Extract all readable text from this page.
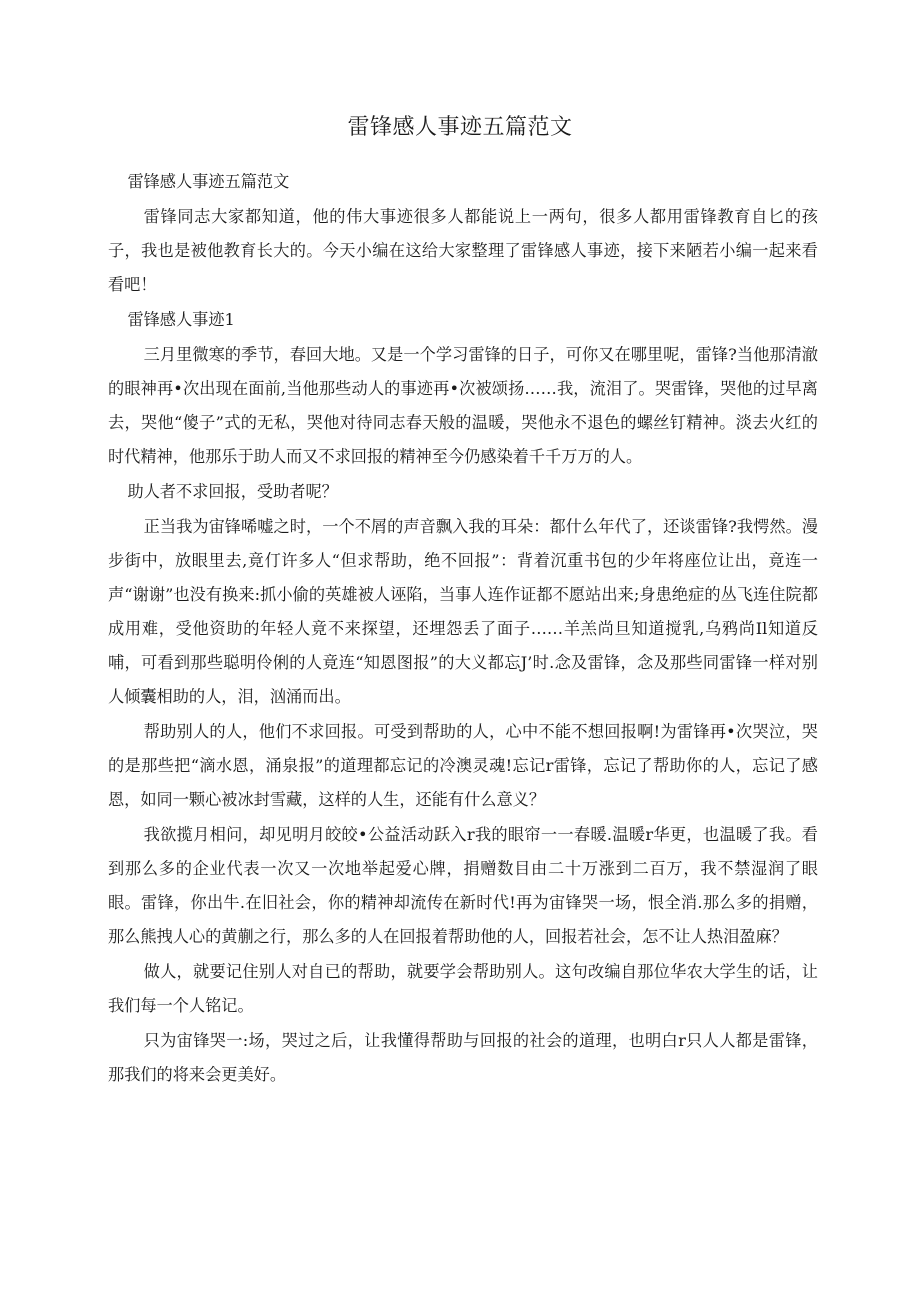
雷锋感人事迹五篇范文

雷锋感人事迹五篇范文

雷锋同志大家都知道，他的伟大事迹很多人都能说上一两句，很多人都用雷锋教育自匕的孩子，我也是被他教育长大的。今天小编在这给大家整理了雷锋感人事迹，接下来陋若小编一起来看看吧！

雷锋感人事迹1

三月里微寒的季节，春回大地。又是一个学习雷锋的日子，可你又在哪里呢，雷锋?当他那清澈的眼神再•次出现在面前,当他那些动人的事迹再•次被颂扬……我，流泪了。哭雷锋，哭他的过早离去，哭他“傻子”式的无私，哭他对待同志春天般的温暖，哭他永不退色的螺丝钉精神。淡去火红的时代精神，他那乐于助人而又不求回报的精神至今仍感染着千千万万的人。

助人者不求回报，受助者呢？

正当我为宙锋唏嘘之时，一个不屑的声音飘入我的耳朵：都什么年代了，还谈雷锋?我愕然。漫步街中，放眼里去,竟仃许多人“但求帮助，绝不回报”：背着沉重书包的少年将座位让出，竟连一声“谢谢”也没有换来:抓小偷的英雄被人诬陷，当事人连作证都不愿站出来;身患绝症的丛飞连住院都成用难，受他资助的年轻人竟不来探望，还埋怨丢了面子……羊羔尚旦知道搅乳,乌鸦尚Il知道反哺，可看到那些聪明伶俐的人竟连“知恩图报”的大义都忘J’时.念及雷锋，念及那些同雷锋一样对别人倾囊相助的人，泪，汹涌而出。

帮助别人的人，他们不求回报。可受到帮助的人，心中不能不想回报啊!为雷锋再•次哭泣，哭的是那些把“滴水恩，涌泉报”的道理都忘记的冷澳灵魂!忘记r雷锋，忘记了帮助你的人，忘记了感恩，如同一颗心被冰封雪藏，这样的人生，还能有什么意义？

我欲揽月相问，却见明月皎皎•公益活动跃入r我的眼帘一一春暖.温暖r华更，也温暖了我。看到那么多的企业代表一次又一次地举起爱心牌，捐赠数目由二十万涨到二百万，我不禁湿润了眼眼。雷锋，你出牛.在旧社会，你的精神却流传在新时代!再为宙锋哭一场，恨全消.那么多的捐赠，那么熊拽人心的黄蒯之行，那么多的人在回报着帮助他的人，回报若社会，怎不让人热泪盈麻？

做人，就要记住别人对自已的帮助，就要学会帮助别人。这句改编自那位华农大学生的话，让我们每一个人铭记。

只为宙锋哭一:场，哭过之后，让我懂得帮助与回报的社会的道理，也明白r只人人都是雷锋，那我们的将来会更美好。
